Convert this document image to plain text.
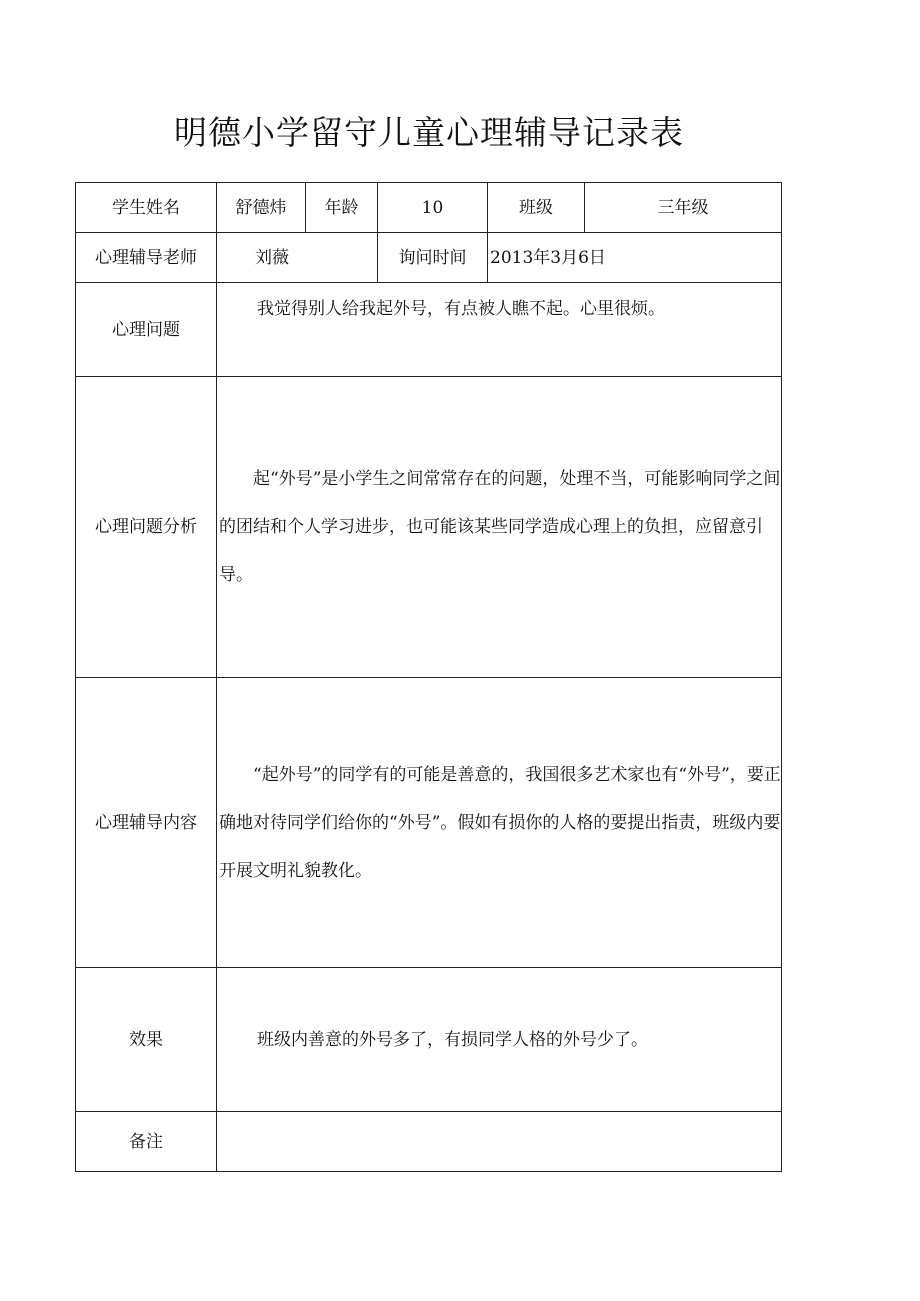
明德小学留守儿童心理辅导记录表
学生姓名	舒德炜	年龄	10	班级	三年级
心理辅导老师	刘薇		询问时间	2013年3月6日	
心理问题	我觉得别人给我起外号，有点被人瞧不起。心里很烦。				

心理问题分析	起“外号”是小学生之间常常存在的问题，处理不当，可能影响同学之间的团结和个人学习进步，也可能该某些同学造成心理上的负担，应留意引导。				

心理辅导内容	“起外号”的同学有的可能是善意的，我国很多艺术家也有“外号”，要正确地对待同学们给你的“外号”。假如有损你的人格的要提出指责，班级内要开展文明礼貌教化。				

效果	班级内善意的外号多了，有损同学人格的外号少了。				

备注					
